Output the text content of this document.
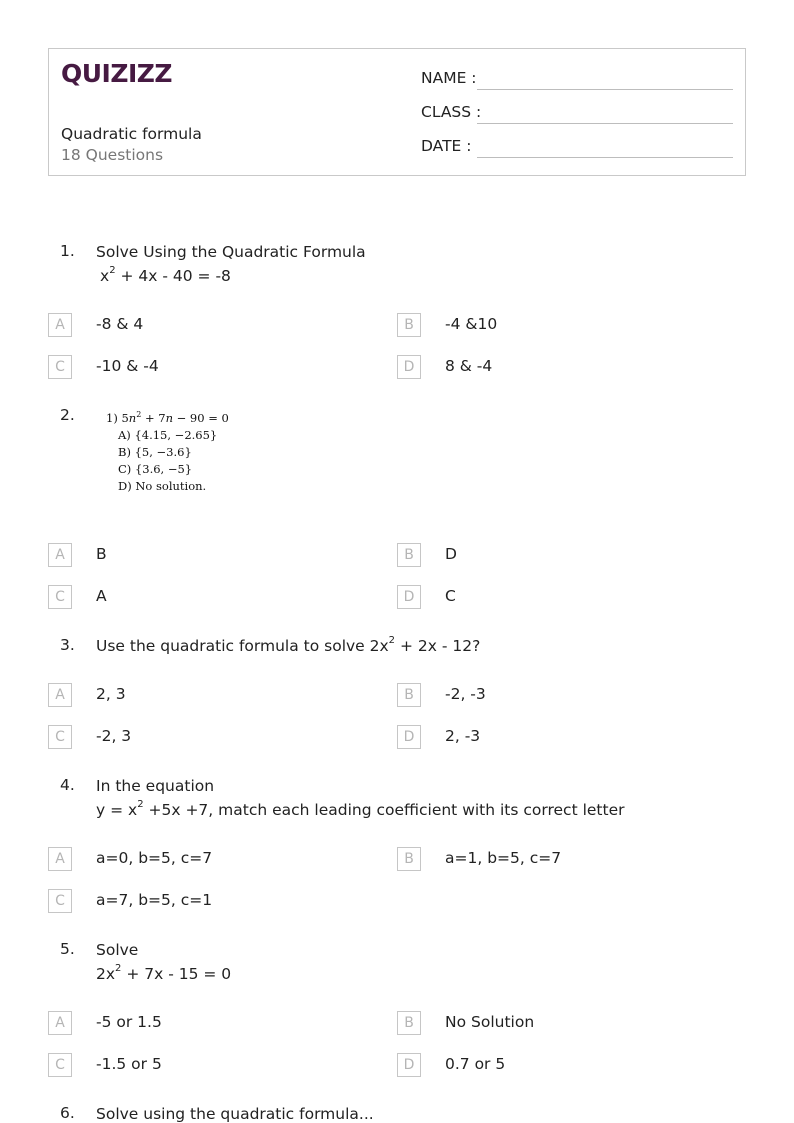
QUIZIZZ
Quadratic formula
18 Questions
NAME :
CLASS :
DATE :
1. Solve Using the Quadratic Formula
$x^2 + 4x - 40 = -8$
A	-8 & 4	B	-4 &10
C	-10 & -4	D	8 & -4
2.	1) $5n^2 + 7n - 90 = 0$
A) {4.15, −2.65}
B) {5, −3.6}
C) {3.6, −5}
D) No solution.
A	B	B	D
C	A	D	C
3. Use the quadratic formula to solve $2x^2 + 2x - 12$?
A	2, 3	B	-2, -3
C	-2, 3	D	2, -3
4. In the equation
$y = x^2 +5x +7$, match each leading coefficient with its correct letter
A	a=0, b=5, c=7	B	a=1, b=5, c=7
C	a=7, b=5, c=1
5. Solve
$2x^2 + 7x - 15 = 0$
A	-5 or 1.5	B	No Solution
C	-1.5 or 5	D	0.7 or 5
6. Solve using the quadratic formula...
